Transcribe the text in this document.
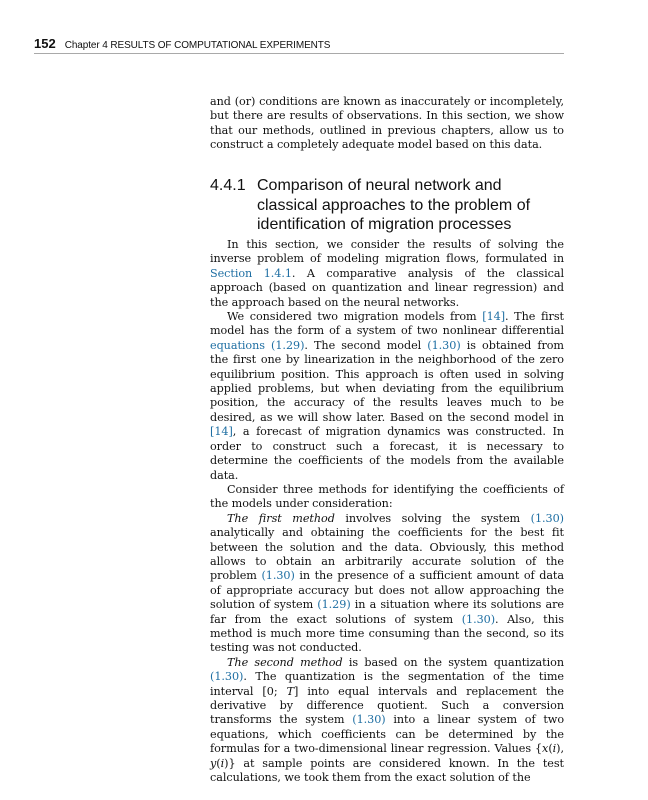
152 Chapter 4 RESULTS OF COMPUTATIONAL EXPERIMENTS

and (or) conditions are known as inaccurately or incompletely, but there are results of observations. In this section, we show that our methods, outlined in previous chapters, allow us to construct a completely adequate model based on this data.

4.4.1 Comparison of neural network and classical approaches to the problem of identification of migration processes

In this section, we consider the results of solving the inverse problem of modeling migration flows, formulated in Section 1.4.1. A comparative analysis of the classical approach (based on quantization and linear regression) and the approach based on the neural networks.

We considered two migration models from [14]. The first model has the form of a system of two nonlinear differential equations (1.29). The second model (1.30) is obtained from the first one by linearization in the neighborhood of the zero equilibrium position. This approach is often used in solving applied problems, but when deviating from the equilibrium position, the accuracy of the results leaves much to be desired, as we will show later. Based on the second model in [14], a forecast of migration dynamics was constructed. In order to construct such a forecast, it is necessary to determine the coefficients of the models from the available data.

Consider three methods for identifying the coefficients of the models under consideration:

The first method involves solving the system (1.30) analytically and obtaining the coefficients for the best fit between the solution and the data. Obviously, this method allows to obtain an arbitrarily accurate solution of the problem (1.30) in the presence of a sufficient amount of data of appropriate accuracy but does not allow approaching the solution of system (1.29) in a situation where its solutions are far from the exact solutions of system (1.30). Also, this method is much more time consuming than the second, so its testing was not conducted.

The second method is based on the system quantization (1.30). The quantization is the segmentation of the time interval [0; T] into equal intervals and replacement the derivative by difference quotient. Such a conversion transforms the system (1.30) into a linear system of two equations, which coefficients can be determined by the formulas for a two-dimensional linear regression. Values {x(i), y(i)} at sample points are considered known. In the test calculations, we took them from the exact solution of the
